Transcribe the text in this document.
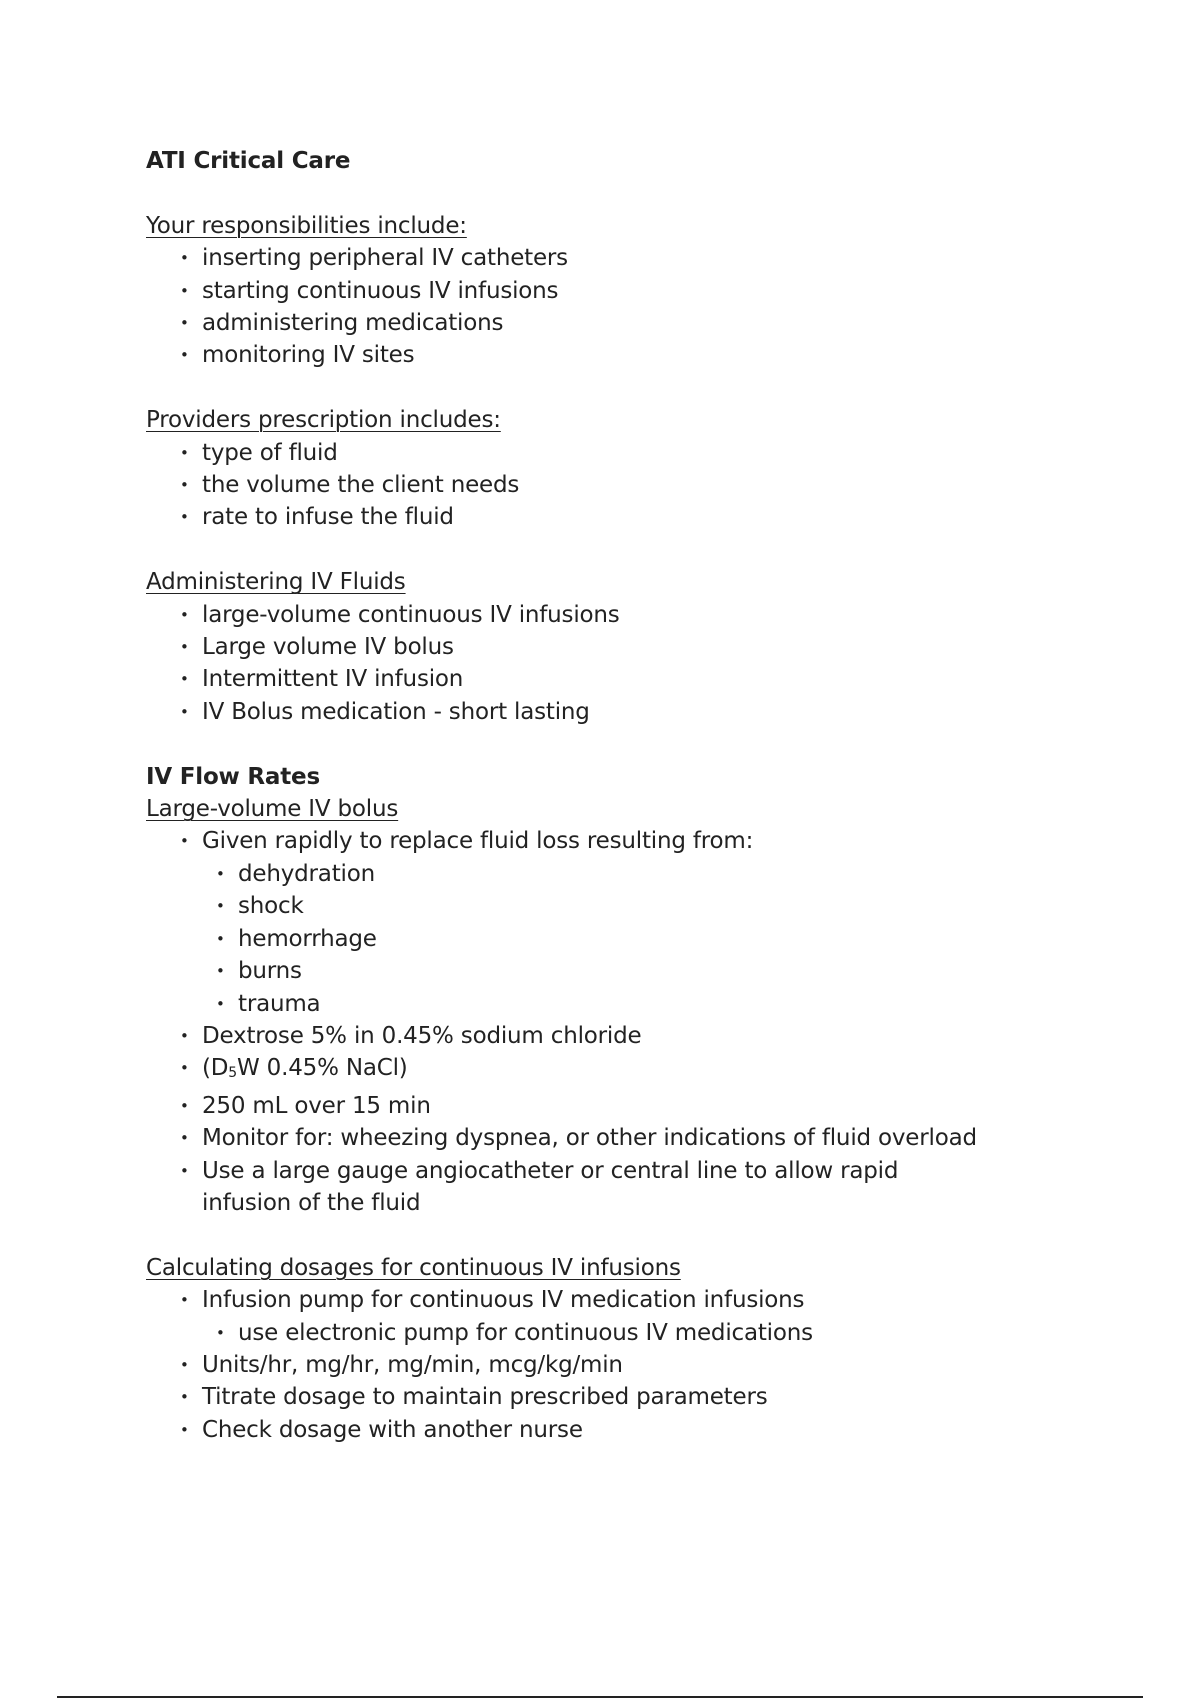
ATI Critical Care

Your responsibilities include:

• inserting peripheral IV catheters
• starting continuous IV infusions
• administering medications
• monitoring IV sites

Providers prescription includes:

• type of fluid
• the volume the client needs
• rate to infuse the fluid

Administering IV Fluids

• large-volume continuous IV infusions
• Large volume IV bolus
• Intermittent IV infusion
• IV Bolus medication - short lasting

IV Flow Rates

Large-volume IV bolus

• Given rapidly to replace fluid loss resulting from:
• dehydration
• shock
• hemorrhage
• burns
• trauma
• Dextrose 5% in 0.45% sodium chloride
• (D5W 0.45% NaCl)
• 250 mL over 15 min
• Monitor for: wheezing dyspnea, or other indications of fluid overload
• Use a large gauge angiocatheter or central line to allow rapid infusion of the fluid

Calculating dosages for continuous IV infusions

• Infusion pump for continuous IV medication infusions
• use electronic pump for continuous IV medications
• Units/hr, mg/hr, mg/min, mcg/kg/min
• Titrate dosage to maintain prescribed parameters
• Check dosage with another nurse
